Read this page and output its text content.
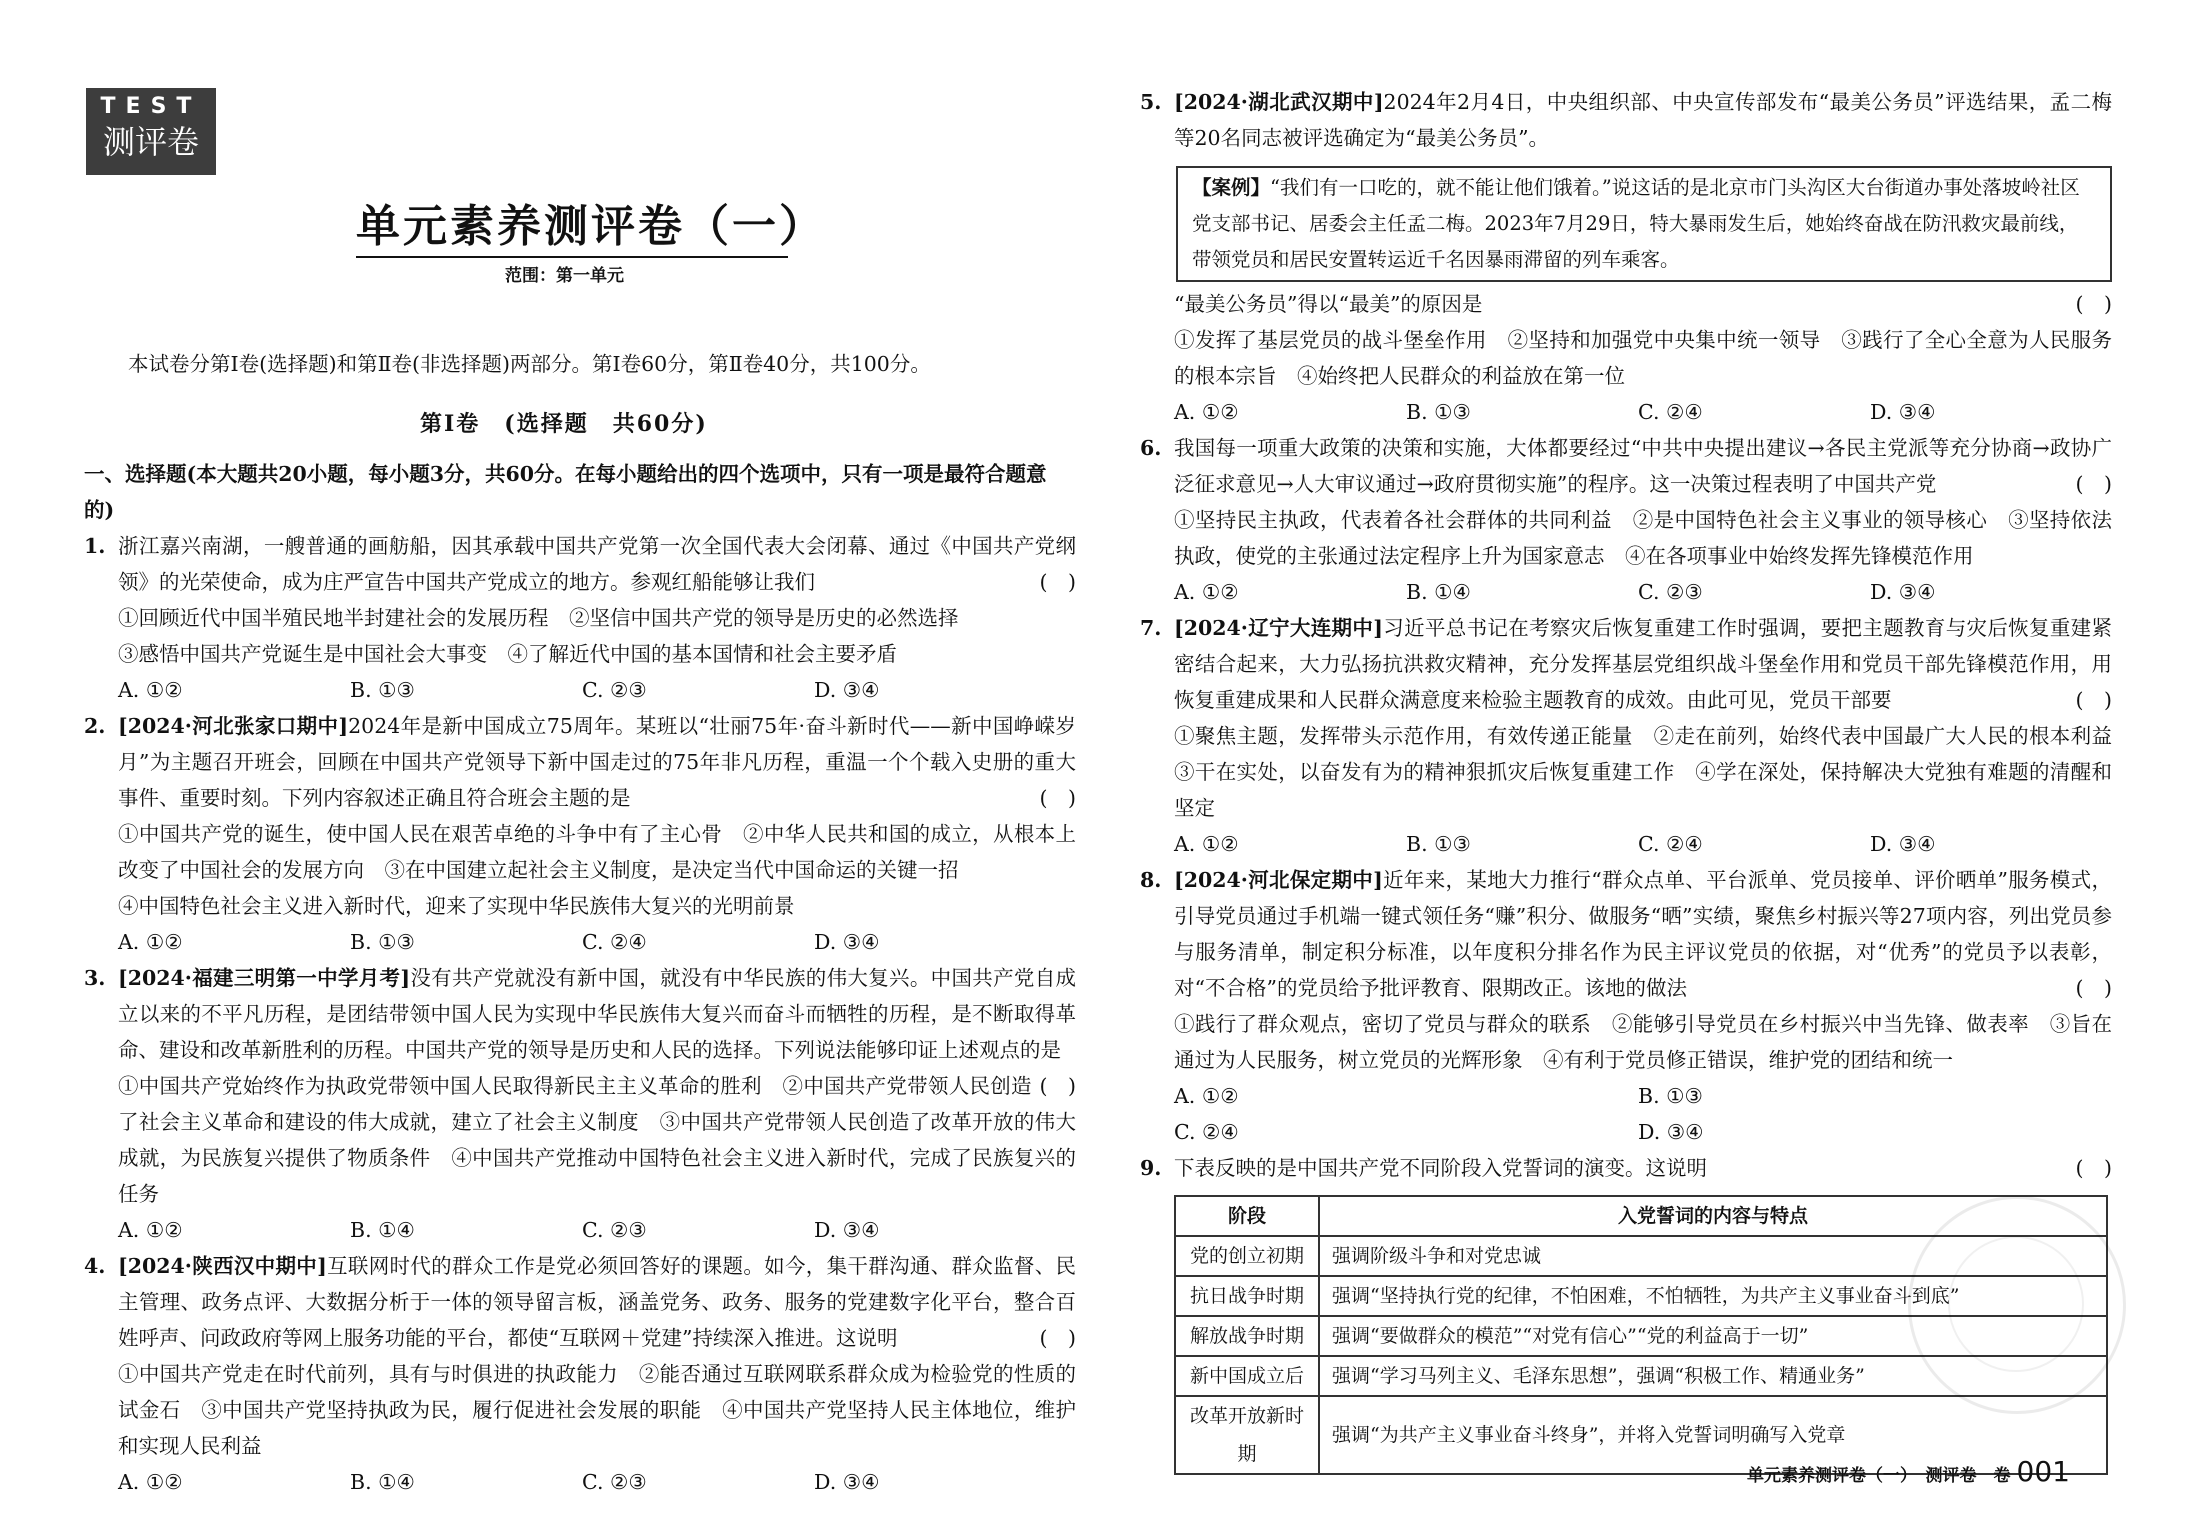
TEST
测评卷
单元素养测评卷（一）
范围：第一单元
本试卷分第Ⅰ卷(选择题)和第Ⅱ卷(非选择题)两部分。第Ⅰ卷60分，第Ⅱ卷40分，共100分。
第Ⅰ卷　(选择题　共60分)
一、选择题(本大题共20小题，每小题3分，共60分。在每小题给出的四个选项中，只有一项是最符合题意的)
1. 浙江嘉兴南湖，一艘普通的画舫船，因其承载中国共产党第一次全国代表大会闭幕、通过《中国共产党纲领》的光荣使命，成为庄严宣告中国共产党成立的地方。参观红船能够让我们	(　)
①回顾近代中国半殖民地半封建社会的发展历程　②坚信中国共产党的领导是历史的必然选择
③感悟中国共产党诞生是中国社会大事变　④了解近代中国的基本国情和社会主要矛盾
A. ①②	B. ①③	C. ②③	D. ③④
2. [2024·河北张家口期中]2024年是新中国成立75周年。某班以“壮丽75年·奋斗新时代——新中国峥嵘岁月”为主题召开班会，回顾在中国共产党领导下新中国走过的75年非凡历程，重温一个个载入史册的重大事件、重要时刻。下列内容叙述正确且符合班会主题的是	(　)
①中国共产党的诞生，使中国人民在艰苦卓绝的斗争中有了主心骨　②中华人民共和国的成立，从根本上改变了中国社会的发展方向　③在中国建立起社会主义制度，是决定当代中国命运的关键一招
④中国特色社会主义进入新时代，迎来了实现中华民族伟大复兴的光明前景
A. ①②	B. ①③	C. ②④	D. ③④
3. [2024·福建三明第一中学月考]没有共产党就没有新中国，就没有中华民族的伟大复兴。中国共产党自成立以来的不平凡历程，是团结带领中国人民为实现中华民族伟大复兴而奋斗而牺牲的历程，是不断取得革命、建设和改革新胜利的历程。中国共产党的领导是历史和人民的选择。下列说法能够印证上述观点的是
(　)
①中国共产党始终作为执政党带领中国人民取得新民主主义革命的胜利　②中国共产党带领人民创造了社会主义革命和建设的伟大成就，建立了社会主义制度　③中国共产党带领人民创造了改革开放的伟大成就，为民族复兴提供了物质条件　④中国共产党推动中国特色社会主义进入新时代，完成了民族复兴的任务
A. ①②	B. ①④	C. ②③	D. ③④
4. [2024·陕西汉中期中]互联网时代的群众工作是党必须回答好的课题。如今，集干群沟通、群众监督、民主管理、政务点评、大数据分析于一体的领导留言板，涵盖党务、政务、服务的党建数字化平台，整合百姓呼声、问政政府等网上服务功能的平台，都使“互联网＋党建”持续深入推进。这说明	(　)
①中国共产党走在时代前列，具有与时俱进的执政能力　②能否通过互联网联系群众成为检验党的性质的试金石　③中国共产党坚持执政为民，履行促进社会发展的职能　④中国共产党坚持人民主体地位，维护和实现人民利益
A. ①②	B. ①④	C. ②③	D. ③④
5. [2024·湖北武汉期中]2024年2月4日，中央组织部、中央宣传部发布“最美公务员”评选结果，孟二梅等20名同志被评选确定为“最美公务员”。
【案例】“我们有一口吃的，就不能让他们饿着。”说这话的是北京市门头沟区大台街道办事处落坡岭社区党支部书记、居委会主任孟二梅。2023年7月29日，特大暴雨发生后，她始终奋战在防汛救灾最前线，带领党员和居民安置转运近千名因暴雨滞留的列车乘客。
“最美公务员”得以“最美”的原因是	(　)
①发挥了基层党员的战斗堡垒作用　②坚持和加强党中央集中统一领导　③践行了全心全意为人民服务的根本宗旨　④始终把人民群众的利益放在第一位
A. ①②	B. ①③	C. ②④	D. ③④
6. 我国每一项重大政策的决策和实施，大体都要经过“中共中央提出建议→各民主党派等充分协商→政协广泛征求意见→人大审议通过→政府贯彻实施”的程序。这一决策过程表明了中国共产党	(　)
①坚持民主执政，代表着各社会群体的共同利益　②是中国特色社会主义事业的领导核心　③坚持依法执政，使党的主张通过法定程序上升为国家意志　④在各项事业中始终发挥先锋模范作用
A. ①②	B. ①④	C. ②③	D. ③④
7. [2024·辽宁大连期中]习近平总书记在考察灾后恢复重建工作时强调，要把主题教育与灾后恢复重建紧密结合起来，大力弘扬抗洪救灾精神，充分发挥基层党组织战斗堡垒作用和党员干部先锋模范作用，用恢复重建成果和人民群众满意度来检验主题教育的成效。由此可见，党员干部要	(　)
①聚焦主题，发挥带头示范作用，有效传递正能量　②走在前列，始终代表中国最广大人民的根本利益　③干在实处，以奋发有为的精神狠抓灾后恢复重建工作　④学在深处，保持解决大党独有难题的清醒和坚定
A. ①②	B. ①③	C. ②④	D. ③④
8. [2024·河北保定期中]近年来，某地大力推行“群众点单、平台派单、党员接单、评价晒单”服务模式，引导党员通过手机端一键式领任务“赚”积分、做服务“晒”实绩，聚焦乡村振兴等27项内容，列出党员参与服务清单，制定积分标准，以年度积分排名作为民主评议党员的依据，对“优秀”的党员予以表彰，对“不合格”的党员给予批评教育、限期改正。该地的做法	(　)
①践行了群众观点，密切了党员与群众的联系　②能够引导党员在乡村振兴中当先锋、做表率　③旨在通过为人民服务，树立党员的光辉形象　④有利于党员修正错误，维护党的团结和统一
A. ①②	B. ①③
C. ②④	D. ③④
9. 下表反映的是中国共产党不同阶段入党誓词的演变。这说明	(　)
阶段	入党誓词的内容与特点
党的创立初期	强调阶级斗争和对党忠诚
抗日战争时期	强调“坚持执行党的纪律，不怕困难，不怕牺牲，为共产主义事业奋斗到底”
解放战争时期	强调“要做群众的模范”“对党有信心”“党的利益高于一切”
新中国成立后	强调“学习马列主义、毛泽东思想”，强调“积极工作、精通业务”
改革开放新时期	强调“为共产主义事业奋斗终身”，并将入党誓词明确写入党章
单元素养测评卷（一）　测评卷　卷 001
